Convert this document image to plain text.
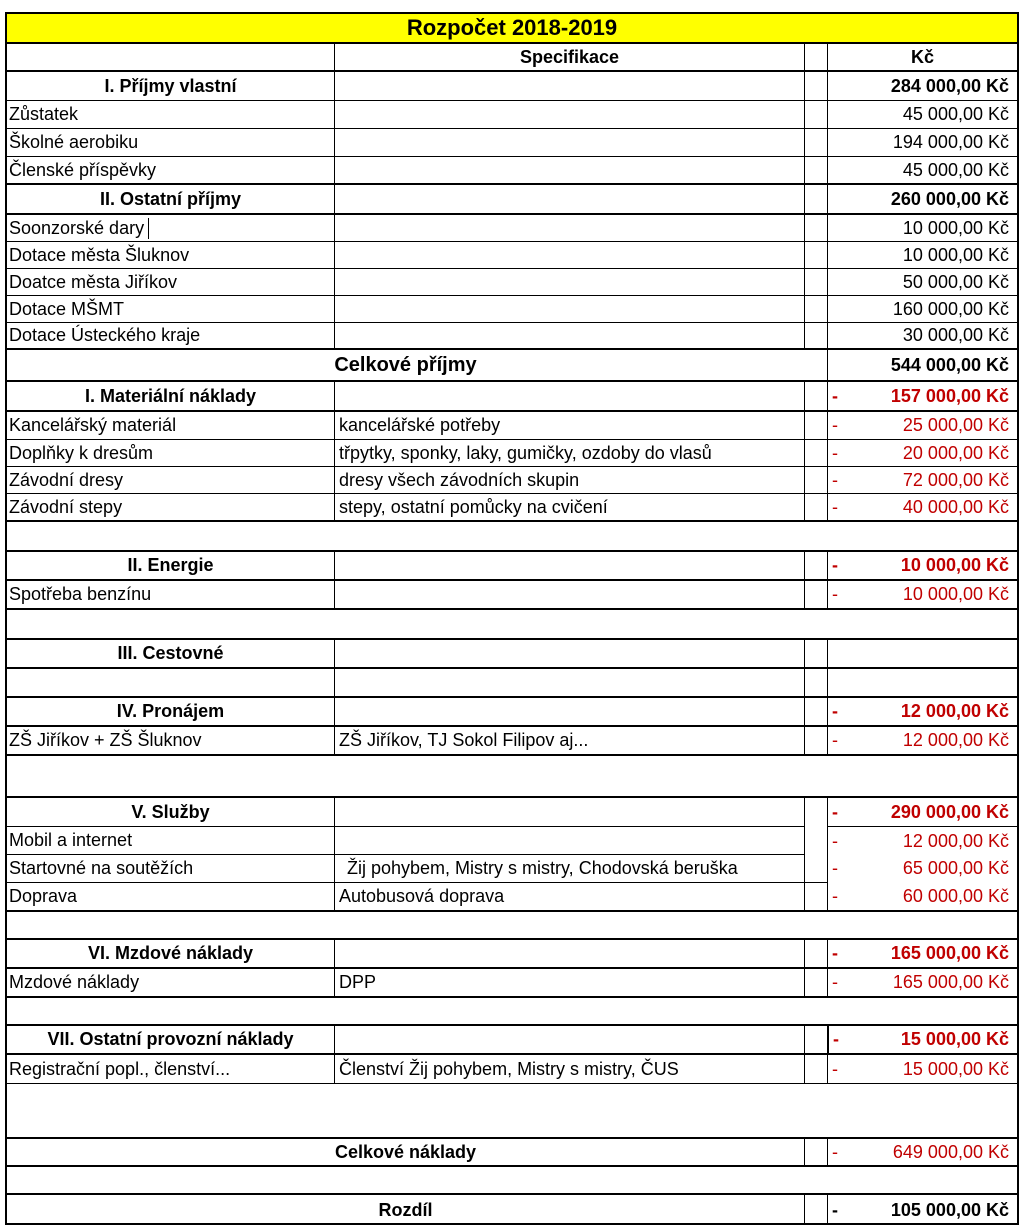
Rozpočet 2018-2019
Specifikace	Kč
I. Příjmy vlastní	284 000,00 Kč
Zůstatek	45 000,00 Kč
Školné aerobiku	194 000,00 Kč
Členské příspěvky	45 000,00 Kč
II. Ostatní příjmy	260 000,00 Kč
Soonzorské dary	10 000,00 Kč
Dotace města Šluknov	10 000,00 Kč
Doatce města Jiříkov	50 000,00 Kč
Dotace MŠMT	160 000,00 Kč
Dotace Ústeckého kraje	30 000,00 Kč
Celkové příjmy	544 000,00 Kč
I. Materiální náklady	-	157 000,00 Kč
Kancelářský materiál	kancelářské potřeby	-	25 000,00 Kč
Doplňky k dresům	třpytky, sponky, laky, gumičky, ozdoby do vlasů	-	20 000,00 Kč
Závodní dresy	dresy všech závodních skupin	-	72 000,00 Kč
Závodní stepy	stepy, ostatní pomůcky na cvičení	-	40 000,00 Kč
II. Energie	-	10 000,00 Kč
Spotřeba benzínu	-	10 000,00 Kč
III. Cestovné
IV. Pronájem	-	12 000,00 Kč
ZŠ Jiříkov + ZŠ Šluknov	ZŠ Jiříkov, TJ Sokol Filipov aj...	-	12 000,00 Kč
V. Služby	-	290 000,00 Kč
Mobil a internet	-	12 000,00 Kč
Startovné na soutěžích	Žij pohybem, Mistry s mistry, Chodovská beruška	-	65 000,00 Kč
Doprava	Autobusová doprava	-	60 000,00 Kč
VI. Mzdové náklady	-	165 000,00 Kč
Mzdové náklady	DPP	-	165 000,00 Kč
VII. Ostatní provozní náklady	-	15 000,00 Kč
Registrační popl., členství...	Členství Žij pohybem, Mistry s mistry, ČUS	-	15 000,00 Kč
Celkové náklady	-	649 000,00 Kč
Rozdíl	-	105 000,00 Kč
